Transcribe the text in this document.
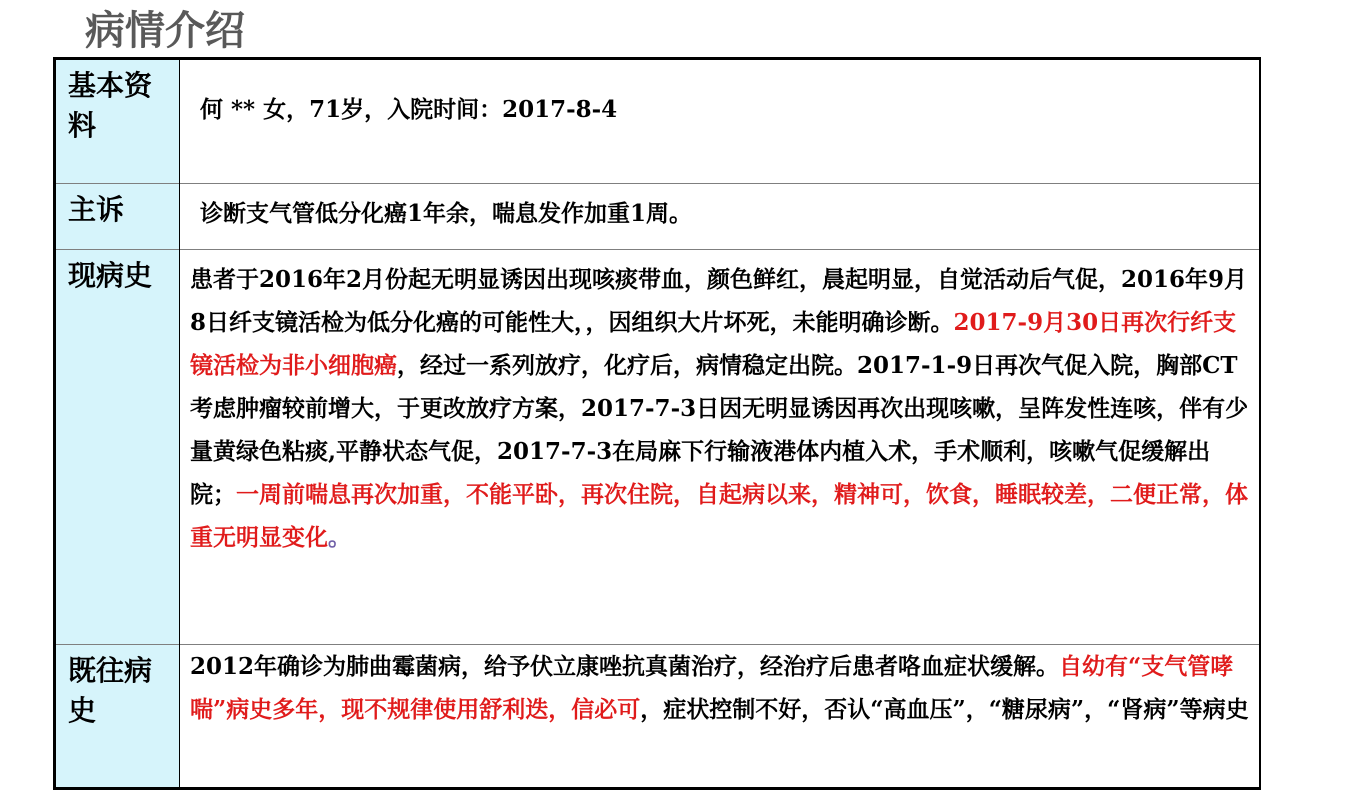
病情介绍
基本资料	何 ** 女，71岁，入院时间：2017-8-4
主诉	诊断支气管低分化癌1年余，喘息发作加重1周。
现病史	患者于2016年2月份起无明显诱因出现咳痰带血，颜色鲜红，晨起明显，自觉活动后气促，2016年9月8日纤支镜活检为低分化癌的可能性大，，因组织大片坏死，未能明确诊断。2017-9月30日再次行纤支镜活检为非小细胞癌，经过一系列放疗，化疗后，病情稳定出院。2017-1-9日再次气促入院，胸部CT考虑肿瘤较前增大，于更改放疗方案，2017-7-3日因无明显诱因再次出现咳嗽，呈阵发性连咳，伴有少量黄绿色粘痰,平静状态气促，2017-7-3在局麻下行输液港体内植入术，手术顺利，咳嗽气促缓解出院；一周前喘息再次加重，不能平卧，再次住院，自起病以来，精神可，饮食，睡眠较差，二便正常，体重无明显变化。
既往病史	2012年确诊为肺曲霉菌病，给予伏立康唑抗真菌治疗，经治疗后患者咯血症状缓解。自幼有“支气管哮喘”病史多年，现不规律使用舒利迭，信必可，症状控制不好，否认“高血压”，“糖尿病”，“肾病”等病史
